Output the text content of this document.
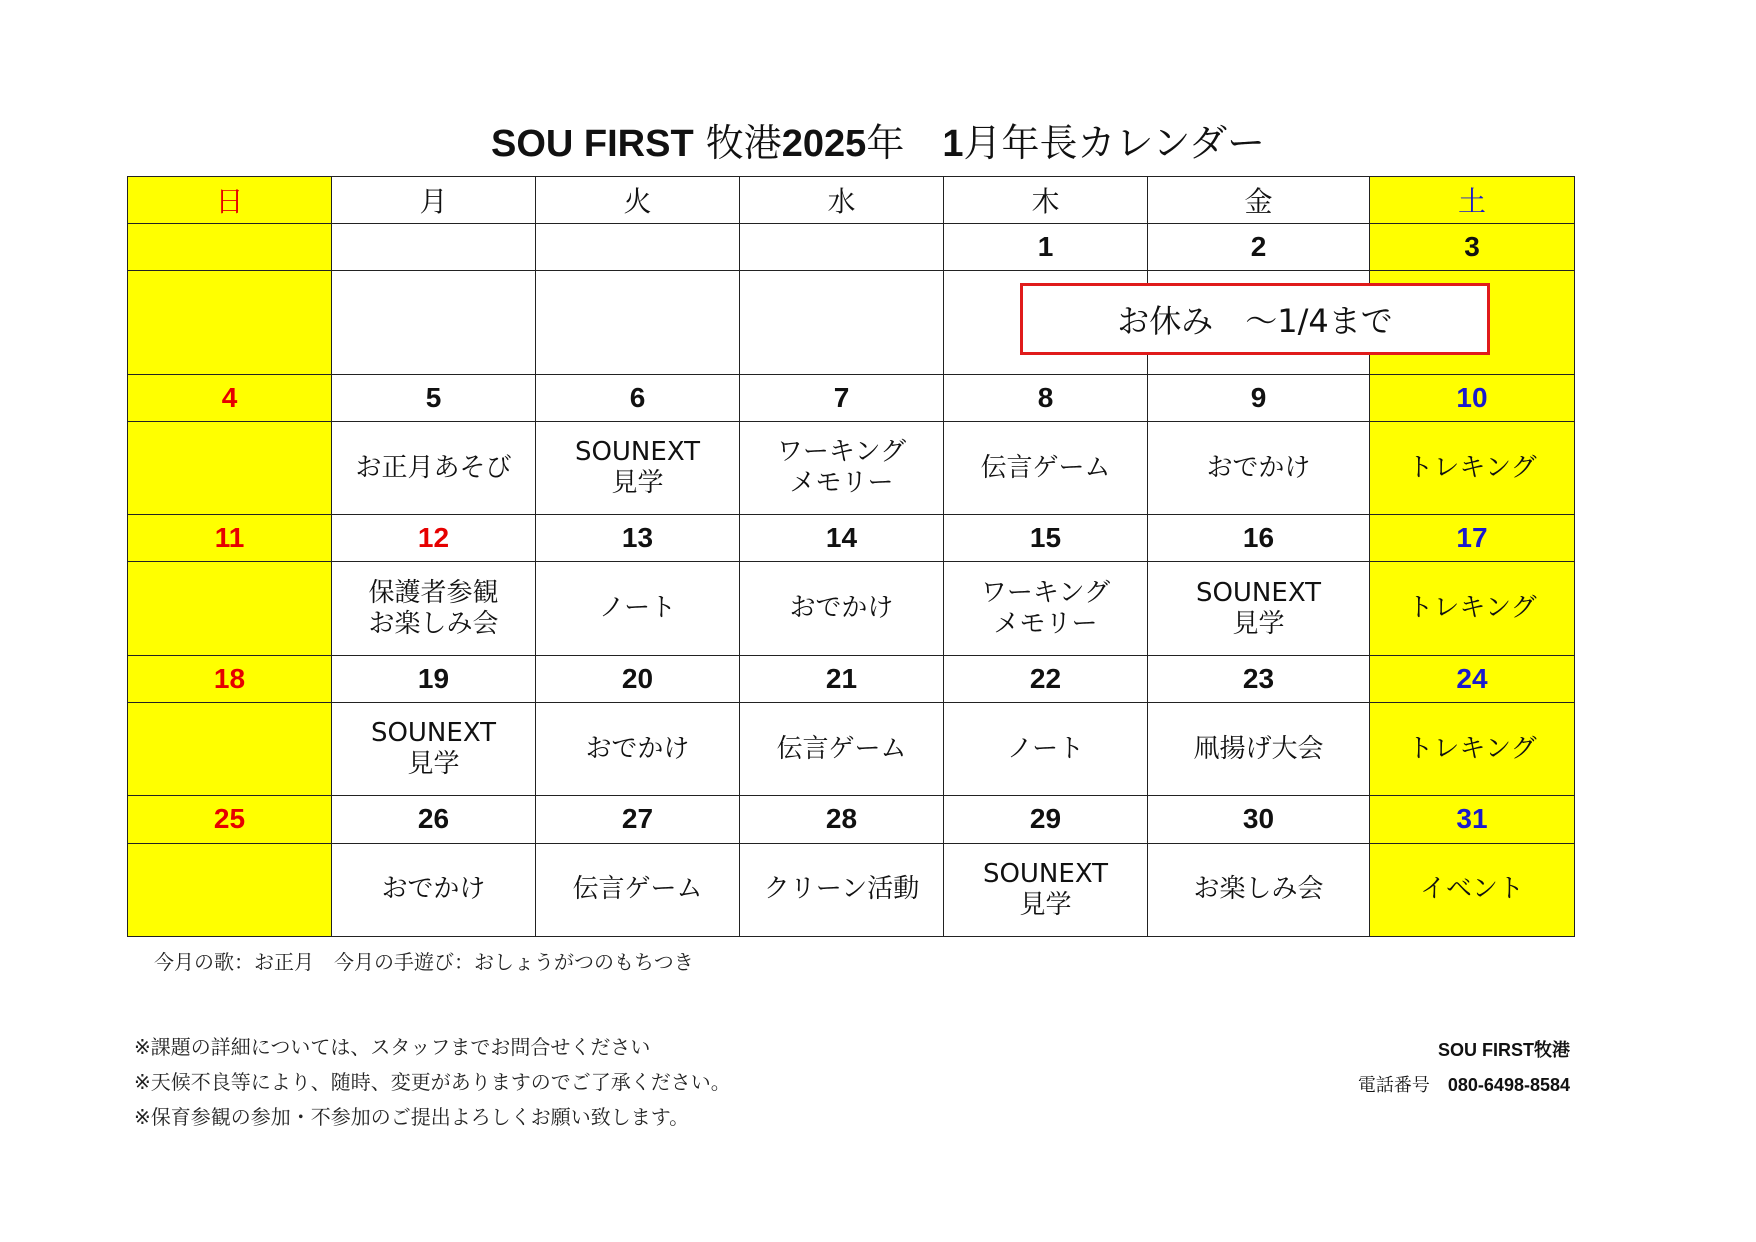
SOU FIRST 牧港2025年　1月年長カレンダー
日	月	火	水	木	金	土
				1	2	3

4	5	6	7	8	9	10
	お正月あそび	SOUNEXT
見学	ワーキング
メモリー	伝言ゲーム	おでかけ	トレキング
11	12	13	14	15	16	17
	保護者参観
お楽しみ会	ノート	おでかけ	ワーキング
メモリー	SOUNEXT
見学	トレキング
18	19	20	21	22	23	24
	SOUNEXT
見学	おでかけ	伝言ゲーム	ノート	凧揚げ大会	トレキング
25	26	27	28	29	30	31
	おでかけ	伝言ゲーム	クリーン活動	SOUNEXT
見学	お楽しみ会	イベント
お休み　～1/4まで
今月の歌：お正月　今月の手遊び：おしょうがつのもちつき
※課題の詳細については、スタッフまでお問合せください
※天候不良等により、随時、変更がありますのでご了承ください。
※保育参観の参加・不参加のご提出よろしくお願い致します。
SOU FIRST牧港
電話番号 080-6498-8584
